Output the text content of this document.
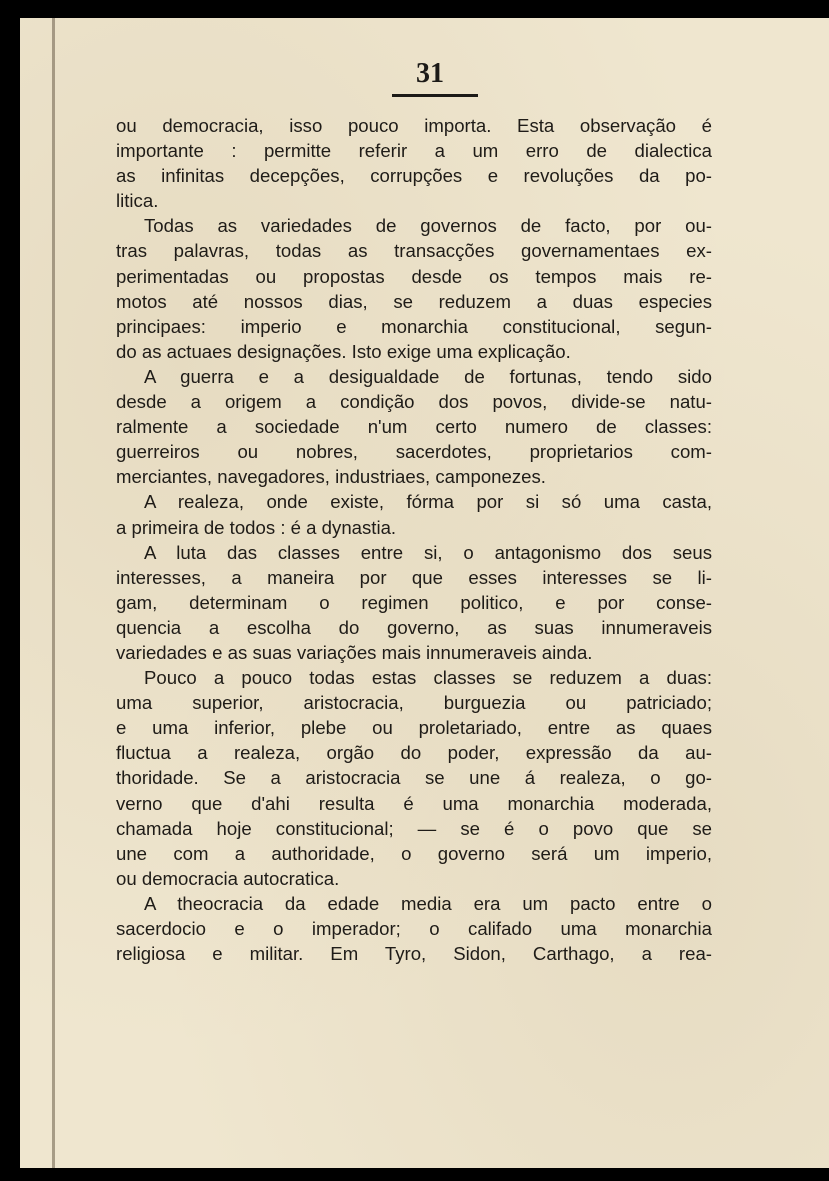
31
ou democracia, isso pouco importa. Esta observação é
importante : permitte referir a um erro de dialectica
as infinitas decepções, corrupções e revoluções da po-
litica.
Todas as variedades de governos de facto, por ou-
tras palavras, todas as transacções governamentaes ex-
perimentadas ou propostas desde os tempos mais re-
motos até nossos dias, se reduzem a duas especies
principaes: imperio e monarchia constitucional, segun-
do as actuaes designações. Isto exige uma explicação.
A guerra e a desigualdade de fortunas, tendo sido
desde a origem a condição dos povos, divide-se natu-
ralmente a sociedade n'um certo numero de classes:
guerreiros ou nobres, sacerdotes, proprietarios com-
merciantes, navegadores, industriaes, camponezes.
A realeza, onde existe, fórma por si só uma casta,
a primeira de todos : é a dynastia.
A luta das classes entre si, o antagonismo dos seus
interesses, a maneira por que esses interesses se li-
gam, determinam o regimen politico, e por conse-
quencia a escolha do governo, as suas innumeraveis
variedades e as suas variações mais innumeraveis ainda.
Pouco a pouco todas estas classes se reduzem a duas:
uma superior, aristocracia, burguezia ou patriciado;
e uma inferior, plebe ou proletariado, entre as quaes
fluctua a realeza, orgão do poder, expressão da au-
thoridade. Se a aristocracia se une á realeza, o go-
verno que d'ahi resulta é uma monarchia moderada,
chamada hoje constitucional; — se é o povo que se
une com a authoridade, o governo será um imperio,
ou democracia autocratica.
A theocracia da edade media era um pacto entre o
sacerdocio e o imperador; o califado uma monarchia
religiosa e militar. Em Tyro, Sidon, Carthago, a rea-
